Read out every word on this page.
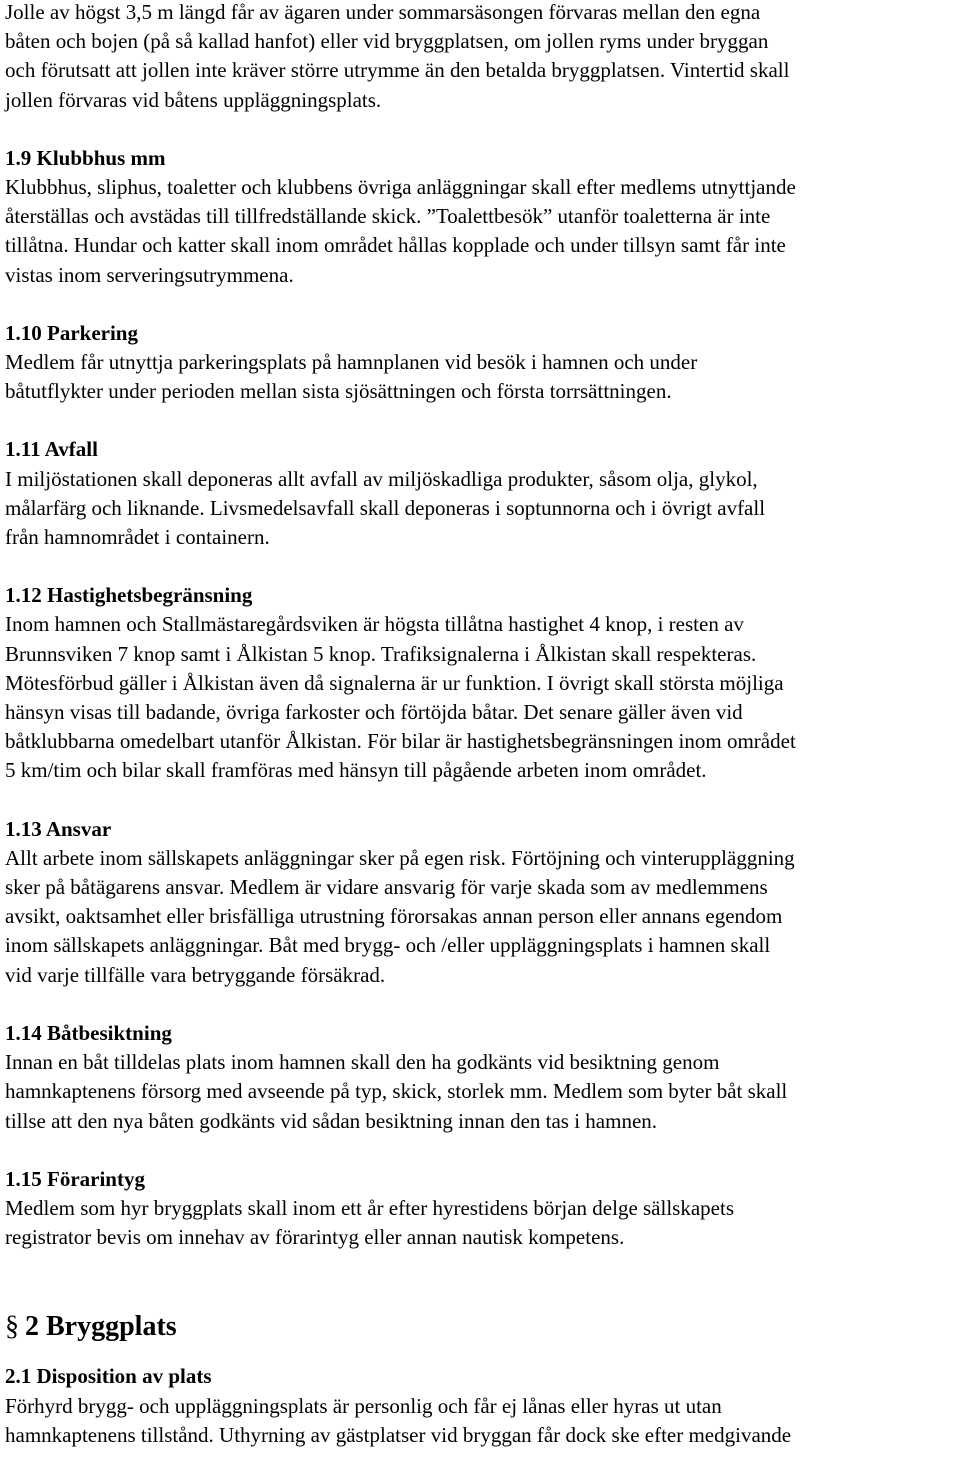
Jolle av högst 3,5 m längd får av ägaren under sommarsäsongen förvaras mellan den egna

båten och bojen (på så kallad hanfot) eller vid bryggplatsen, om jollen ryms under bryggan

och förutsatt att jollen inte kräver större utrymme än den betalda bryggplatsen. Vintertid skall

jollen förvaras vid båtens uppläggningsplats.

1.9 Klubbhus mm

Klubbhus, sliphus, toaletter och klubbens övriga anläggningar skall efter medlems utnyttjande

återställas och avstädas till tillfredställande skick. ”Toalettbesök” utanför toaletterna är inte

tillåtna. Hundar och katter skall inom området hållas kopplade och under tillsyn samt får inte

vistas inom serveringsutrymmena.

1.10 Parkering

Medlem får utnyttja parkeringsplats på hamnplanen vid besök i hamnen och under

båtutflykter under perioden mellan sista sjösättningen och första torrsättningen.

1.11 Avfall

I miljöstationen skall deponeras allt avfall av miljöskadliga produkter, såsom olja, glykol,

målarfärg och liknande. Livsmedelsavfall skall deponeras i soptunnorna och i övrigt avfall

från hamnområdet i containern.

1.12 Hastighetsbegränsning

Inom hamnen och Stallmästaregårdsviken är högsta tillåtna hastighet 4 knop, i resten av

Brunnsviken 7 knop samt i Ålkistan 5 knop. Trafiksignalerna i Ålkistan skall respekteras.

Mötesförbud gäller i Ålkistan även då signalerna är ur funktion. I övrigt skall största möjliga

hänsyn visas till badande, övriga farkoster och förtöjda båtar. Det senare gäller även vid

båtklubbarna omedelbart utanför Ålkistan. För bilar är hastighetsbegränsningen inom området

5 km/tim och bilar skall framföras med hänsyn till pågående arbeten inom området.

1.13 Ansvar

Allt arbete inom sällskapets anläggningar sker på egen risk. Förtöjning och vinteruppläggning

sker på båtägarens ansvar. Medlem är vidare ansvarig för varje skada som av medlemmens

avsikt, oaktsamhet eller brisfälliga utrustning förorsakas annan person eller annans egendom

inom sällskapets anläggningar. Båt med brygg- och /eller uppläggningsplats i hamnen skall

vid varje tillfälle vara betryggande försäkrad.

1.14 Båtbesiktning

Innan en båt tilldelas plats inom hamnen skall den ha godkänts vid besiktning genom

hamnkaptenens försorg med avseende på typ, skick, storlek mm. Medlem som byter båt skall

tillse att den nya båten godkänts vid sådan besiktning innan den tas i hamnen.

1.15 Förarintyg

Medlem som hyr bryggplats skall inom ett år efter hyrestidens början delge sällskapets

registrator bevis om innehav av förarintyg eller annan nautisk kompetens.

§ 2 Bryggplats

2.1 Disposition av plats

Förhyrd brygg- och uppläggningsplats är personlig och får ej lånas eller hyras ut utan

hamnkaptenens tillstånd. Uthyrning av gästplatser vid bryggan får dock ske efter medgivande
